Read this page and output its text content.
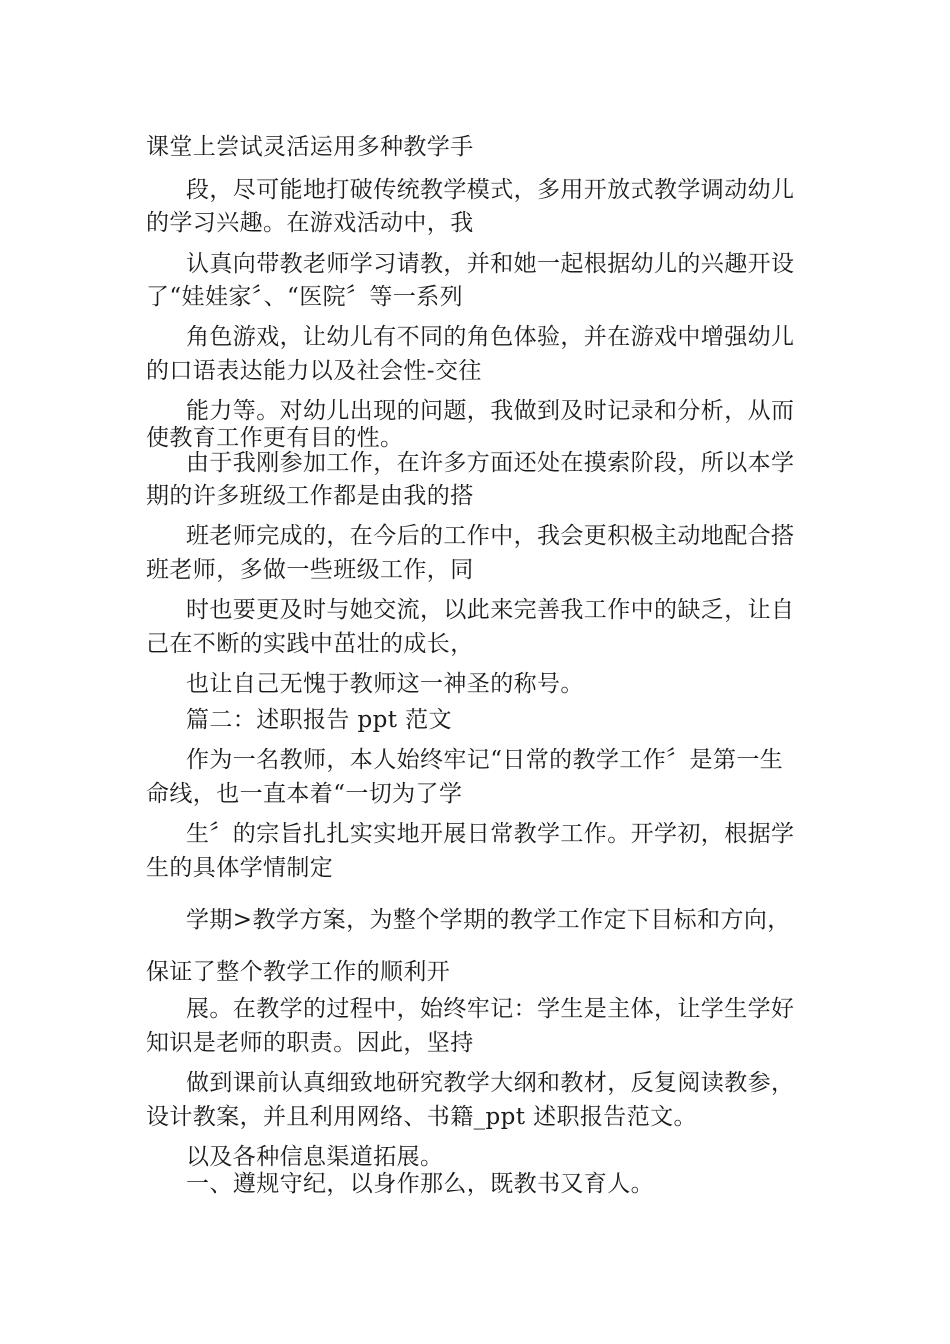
课堂上尝试灵活运用多种教学手
段，尽可能地打破传统教学模式，多用开放式教学调动幼儿
的学习兴趣。在游戏活动中，我
认真向带教老师学习请教，并和她一起根据幼儿的兴趣开设
了“娃娃家〞、“医院〞等一系列
角色游戏，让幼儿有不同的角色体验，并在游戏中增强幼儿
的口语表达能力以及社会性-交往
能力等。对幼儿出现的问题，我做到及时记录和分析，从而
使教育工作更有目的性。
由于我刚参加工作，在许多方面还处在摸索阶段，所以本学
期的许多班级工作都是由我的搭
班老师完成的，在今后的工作中，我会更积极主动地配合搭
班老师，多做一些班级工作，同
时也要更及时与她交流，以此来完善我工作中的缺乏，让自
己在不断的实践中茁壮的成长，
也让自己无愧于教师这一神圣的称号。
篇二：述职报告 ppt 范文
作为一名教师，本人始终牢记“日常的教学工作〞是第一生
命线，也一直本着“一切为了学
生〞的宗旨扎扎实实地开展日常教学工作。开学初，根据学
生的具体学情制定
学期>教学方案，为整个学期的教学工作定下目标和方向，
保证了整个教学工作的顺利开
展。在教学的过程中，始终牢记：学生是主体，让学生学好
知识是老师的职责。因此，坚持
做到课前认真细致地研究教学大纲和教材，反复阅读教参，
设计教案，并且利用网络、书籍_ppt 述职报告范文。
以及各种信息渠道拓展。
一、遵规守纪，以身作那么，既教书又育人。
